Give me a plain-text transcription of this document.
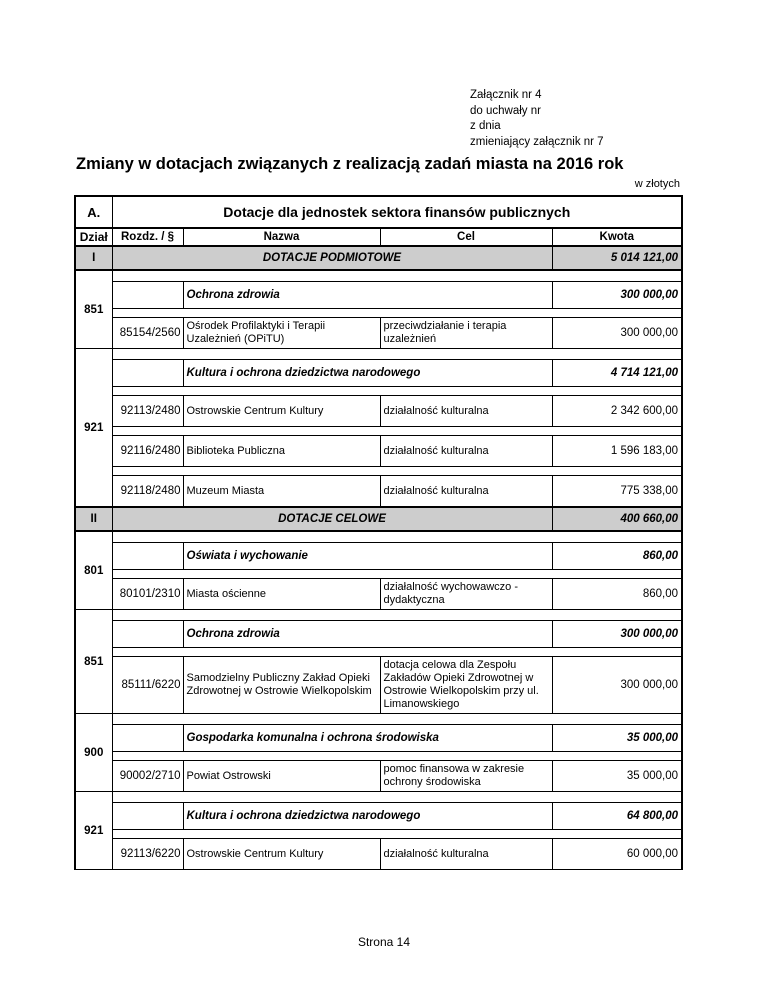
Załącznik nr 4
do uchwały nr
z dnia
zmieniający załącznik nr 7
Zmiany w dotacjach związanych z realizacją zadań miasta na 2016 rok
w złotych
A.	Dotacje dla jednostek sektora finansów publicznych			
Dział	Rozdz. / §	Nazwa	Cel	Kwota
I	DOTACJE PODMIOTOWE			5 014 121,00
851				
		Ochrona zdrowia		300 000,00

	85154/2560	Ośrodek Profilaktyki i Terapii Uzależnień (OPiTU)	przeciwdziałanie i terapia uzależnień	300 000,00
921				
		Kultura i ochrona dziedzictwa narodowego		4 714 121,00

	92113/2480	Ostrowskie Centrum Kultury	działalność kulturalna	2 342 600,00

	92116/2480	Biblioteka Publiczna	działalność kulturalna	1 596 183,00

	92118/2480	Muzeum Miasta	działalność kulturalna	775 338,00
II	DOTACJE CELOWE			400 660,00
801				
		Oświata i wychowanie		860,00

	80101/2310	Miasta ościenne	działalność wychowawczo - dydaktyczna	860,00
851				
		Ochrona zdrowia		300 000,00

	85111/6220	Samodzielny Publiczny Zakład Opieki Zdrowotnej w Ostrowie Wielkopolskim	dotacja celowa dla Zespołu Zakładów Opieki Zdrowotnej w Ostrowie Wielkopolskim przy ul. Limanowskiego	300 000,00
900				
		Gospodarka komunalna i ochrona środowiska		35 000,00

	90002/2710	Powiat Ostrowski	pomoc finansowa w zakresie ochrony środowiska	35 000,00
921				
		Kultura i ochrona dziedzictwa narodowego		64 800,00

	92113/6220	Ostrowskie Centrum Kultury	działalność kulturalna	60 000,00
Strona 14
